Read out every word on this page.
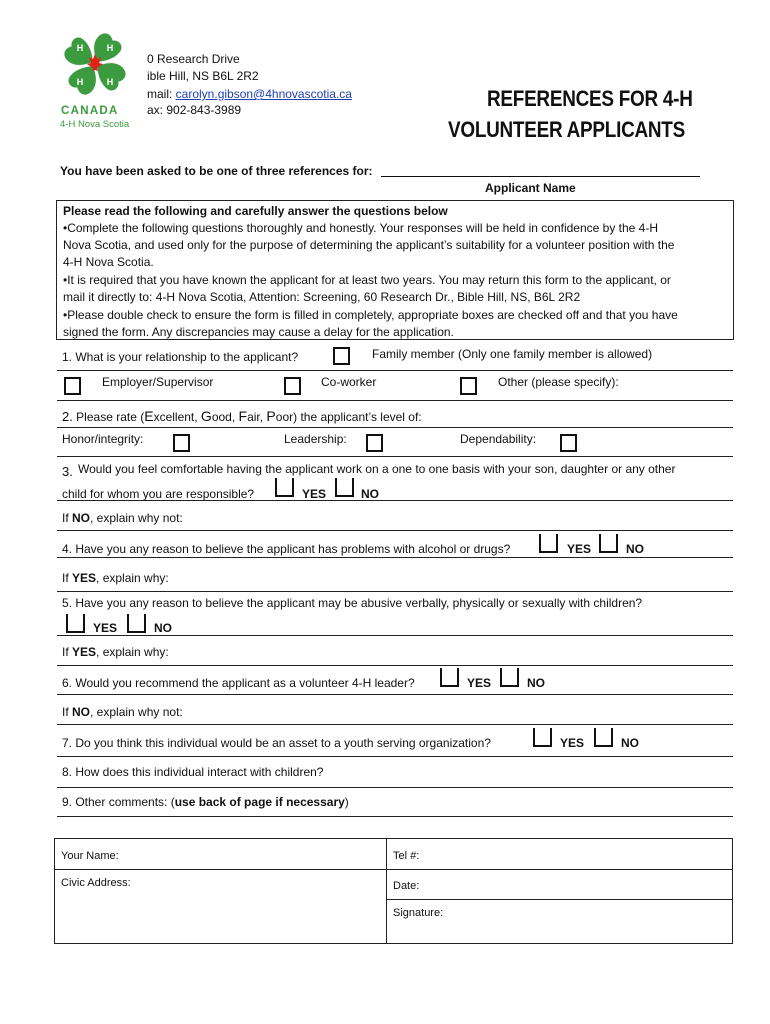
H	H
H	H
CANADA
4-H Nova Scotia
0 Research Drive
ible Hill, NS B6L 2R2
mail: carolyn.gibson@4hnovascotia.ca
ax: 902-843-3989	REFERENCES FOR 4-H
VOLUNTEER APPLICANTS
You have been asked to be one of three references for:
Applicant Name
Please read the following and carefully answer the questions below
•Complete the following questions thoroughly and honestly. Your responses will be held in confidence by the 4-H
Nova Scotia, and used only for the purpose of determining the applicant’s suitability for a volunteer position with the
4-H Nova Scotia.
•It is required that you have known the applicant for at least two years. You may return this form to the applicant, or
mail it directly to: 4-H Nova Scotia, Attention: Screening, 60 Research Dr., Bible Hill, NS, B6L 2R2
•Please double check to ensure the form is filled in completely, appropriate boxes are checked off and that you have
signed the form. Any discrepancies may cause a delay for the application.
1. What is your relationship to the applicant?	Family member (Only one family member is allowed)
Employer/Supervisor	Co-worker	Other (please specify):
2. Please rate (Excellent, Good, Fair, Poor) the applicant’s level of:
Honor/integrity:	Leadership:	Dependability:
3. Would you feel comfortable having the applicant work on a one to one basis with your son, daughter or any other
child for whom you are responsible?	YES	NO
If NO, explain why not:
4. Have you any reason to believe the applicant has problems with alcohol or drugs?	YES	NO
If YES, explain why:
5. Have you any reason to believe the applicant may be abusive verbally, physically or sexually with children?
YES	NO
If YES, explain why:
6. Would you recommend the applicant as a volunteer 4-H leader?	YES	NO
If NO, explain why not:
7. Do you think this individual would be an asset to a youth serving organization?	YES	NO
8. How does this individual interact with children?
9. Other comments: (use back of page if necessary)
Your Name:
Civic Address:
Tel #:
Date:
Signature:
